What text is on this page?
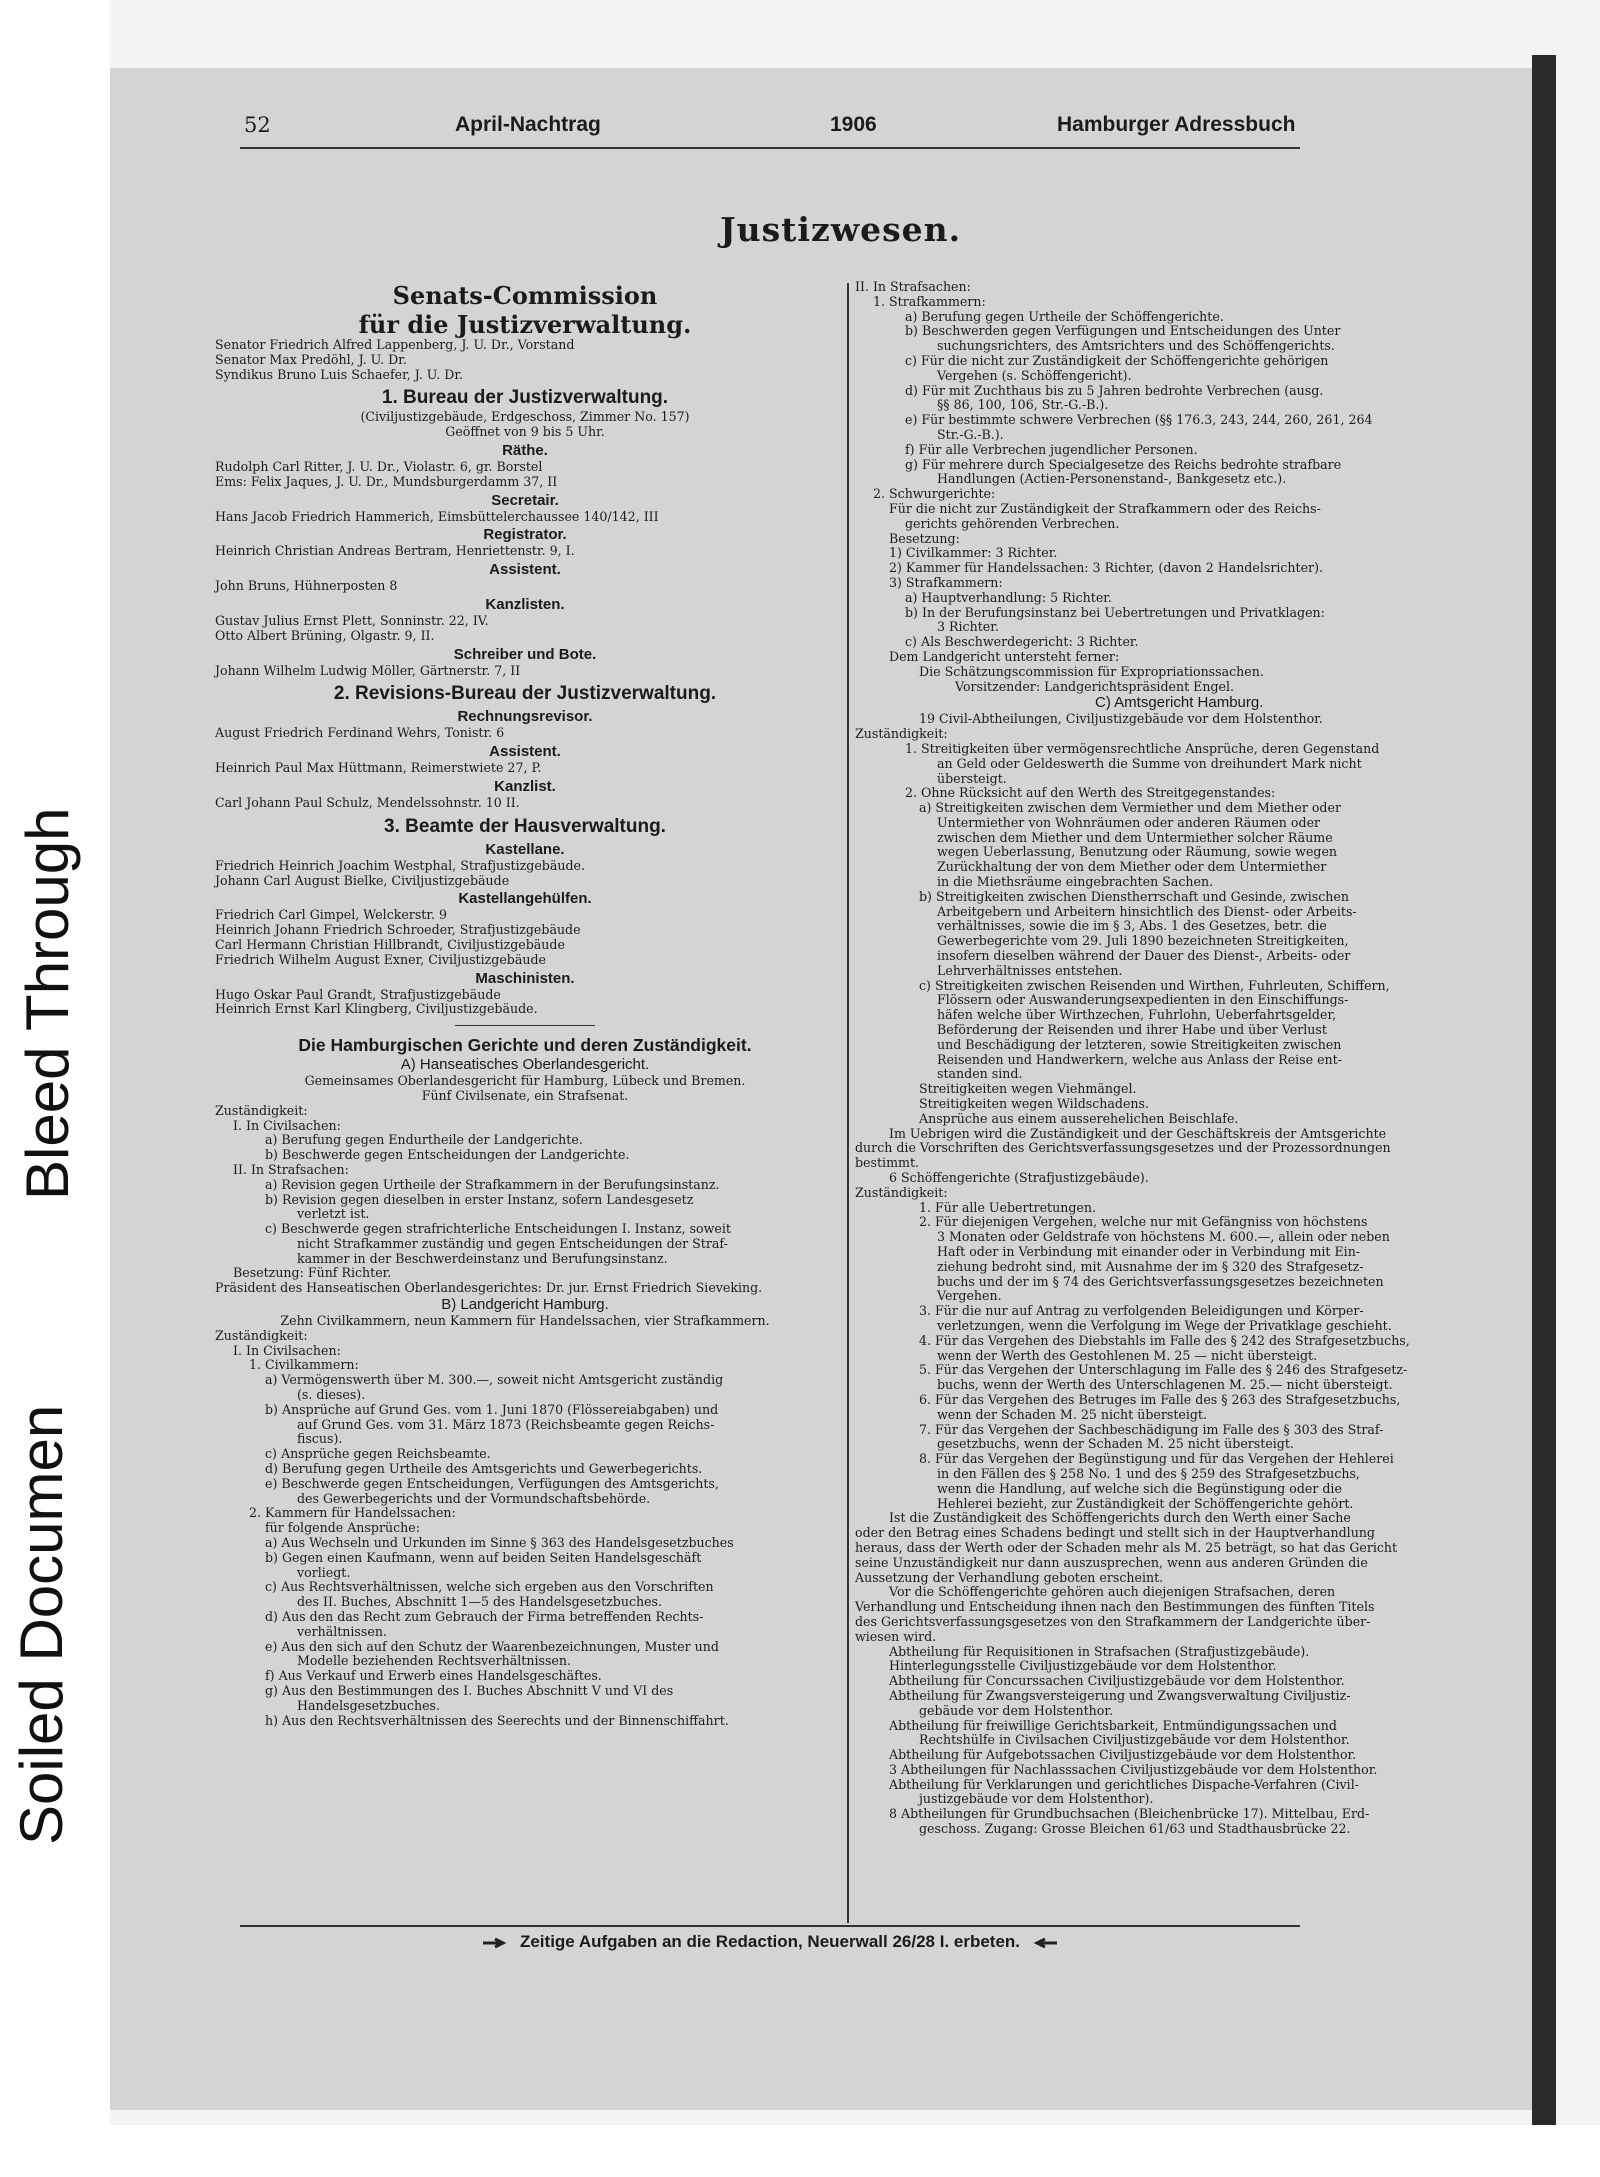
Bleed Through
Soiled Documen
52	April-Nachtrag	1906	Hamburger Adressbuch
Justizwesen.
Senats-Commission
für die Justizverwaltung.
Senator Friedrich Alfred Lappenberg, J. U. Dr., Vorstand
Senator Max Predöhl, J. U. Dr.
Syndikus Bruno Luis Schaefer, J. U. Dr.
1. Bureau der Justizverwaltung.
(Civiljustizgebäude, Erdgeschoss, Zimmer No. 157)
Geöffnet von 9 bis 5 Uhr.
Räthe.
Rudolph Carl Ritter, J. U. Dr., Violastr. 6, gr. Borstel
Ems: Felix Jaques, J. U. Dr., Mundsburgerdamm 37, II
Secretair.
Hans Jacob Friedrich Hammerich, Eimsbüttelerchaussee 140/142, III
Registrator.
Heinrich Christian Andreas Bertram, Henriettenstr. 9, I.
Assistent.
John Bruns, Hühnerposten 8
Kanzlisten.
Gustav Julius Ernst Plett, Sonninstr. 22, IV.
Otto Albert Brüning, Olgastr. 9, II.
Schreiber und Bote.
Johann Wilhelm Ludwig Möller, Gärtnerstr. 7, II
2. Revisions-Bureau der Justizverwaltung.
Rechnungsrevisor.
August Friedrich Ferdinand Wehrs, Tonistr. 6
Assistent.
Heinrich Paul Max Hüttmann, Reimerstwiete 27, P.
Kanzlist.
Carl Johann Paul Schulz, Mendelssohnstr. 10 II.
3. Beamte der Hausverwaltung.
Kastellane.
Friedrich Heinrich Joachim Westphal, Strafjustizgebäude.
Johann Carl August Bielke, Civiljustizgebäude
Kastellangehülfen.
Friedrich Carl Gimpel, Welckerstr. 9
Heinrich Johann Friedrich Schroeder, Strafjustizgebäude
Carl Hermann Christian Hillbrandt, Civiljustizgebäude
Friedrich Wilhelm August Exner, Civiljustizgebäude
Maschinisten.
Hugo Oskar Paul Grandt, Strafjustizgebäude
Heinrich Ernst Karl Klingberg, Civiljustizgebäude.
Die Hamburgischen Gerichte und deren Zuständigkeit.
A) Hanseatisches Oberlandesgericht.
Gemeinsames Oberlandesgericht für Hamburg, Lübeck und Bremen.
Fünf Civilsenate, ein Strafsenat.
Zuständigkeit:
I. In Civilsachen:
a) Berufung gegen Endurtheile der Landgerichte.
b) Beschwerde gegen Entscheidungen der Landgerichte.
II. In Strafsachen:
a) Revision gegen Urtheile der Strafkammern in der Berufungsinstanz.
b) Revision gegen dieselben in erster Instanz, sofern Landesgesetz
verletzt ist.
c) Beschwerde gegen strafrichterliche Entscheidungen I. Instanz, soweit
nicht Strafkammer zuständig und gegen Entscheidungen der Straf-
kammer in der Beschwerdeinstanz und Berufungsinstanz.
Besetzung: Fünf Richter.
Präsident des Hanseatischen Oberlandesgerichtes: Dr. jur. Ernst Friedrich Sieveking.
B) Landgericht Hamburg.
Zehn Civilkammern, neun Kammern für Handelssachen, vier Strafkammern.
Zuständigkeit:
I. In Civilsachen:
1. Civilkammern:
a) Vermögenswerth über M. 300.—, soweit nicht Amtsgericht zuständig
(s. dieses).
b) Ansprüche auf Grund Ges. vom 1. Juni 1870 (Flössereiabgaben) und
auf Grund Ges. vom 31. März 1873 (Reichsbeamte gegen Reichs-
fiscus).
c) Ansprüche gegen Reichsbeamte.
d) Berufung gegen Urtheile des Amtsgerichts und Gewerbegerichts.
e) Beschwerde gegen Entscheidungen, Verfügungen des Amtsgerichts,
des Gewerbegerichts und der Vormundschaftsbehörde.
2. Kammern für Handelssachen:
für folgende Ansprüche:
a) Aus Wechseln und Urkunden im Sinne § 363 des Handelsgesetzbuches
b) Gegen einen Kaufmann, wenn auf beiden Seiten Handelsgeschäft
vorliegt.
c) Aus Rechtsverhältnissen, welche sich ergeben aus den Vorschriften
des II. Buches, Abschnitt 1—5 des Handelsgesetzbuches.
d) Aus den das Recht zum Gebrauch der Firma betreffenden Rechts-
verhältnissen.
e) Aus den sich auf den Schutz der Waarenbezeichnungen, Muster und
Modelle beziehenden Rechtsverhältnissen.
f) Aus Verkauf und Erwerb eines Handelsgeschäftes.
g) Aus den Bestimmungen des I. Buches Abschnitt V und VI des
Handelsgesetzbuches.
h) Aus den Rechtsverhältnissen des Seerechts und der Binnenschiffahrt.
II. In Strafsachen:
1. Strafkammern:
a) Berufung gegen Urtheile der Schöffengerichte.
b) Beschwerden gegen Verfügungen und Entscheidungen des Unter
suchungsrichters, des Amtsrichters und des Schöffengerichts.
c) Für die nicht zur Zuständigkeit der Schöffengerichte gehörigen
Vergehen (s. Schöffengericht).
d) Für mit Zuchthaus bis zu 5 Jahren bedrohte Verbrechen (ausg.
§§ 86, 100, 106, Str.-G.-B.).
e) Für bestimmte schwere Verbrechen (§§ 176.3, 243, 244, 260, 261, 264
Str.-G.-B.).
f) Für alle Verbrechen jugendlicher Personen.
g) Für mehrere durch Specialgesetze des Reichs bedrohte strafbare
Handlungen (Actien-Personenstand-, Bankgesetz etc.).
2. Schwurgerichte:
Für die nicht zur Zuständigkeit der Strafkammern oder des Reichs-
gerichts gehörenden Verbrechen.
Besetzung:
1) Civilkammer: 3 Richter.
2) Kammer für Handelssachen: 3 Richter, (davon 2 Handelsrichter).
3) Strafkammern:
a) Hauptverhandlung: 5 Richter.
b) In der Berufungsinstanz bei Uebertretungen und Privatklagen:
3 Richter.
c) Als Beschwerdegericht: 3 Richter.
Dem Landgericht untersteht ferner:
Die Schätzungscommission für Expropriationssachen.
Vorsitzender: Landgerichtspräsident Engel.
C) Amtsgericht Hamburg.
19 Civil-Abtheilungen, Civiljustizgebäude vor dem Holstenthor.
Zuständigkeit:
1. Streitigkeiten über vermögensrechtliche Ansprüche, deren Gegenstand
an Geld oder Geldeswerth die Summe von dreihundert Mark nicht
übersteigt.
2. Ohne Rücksicht auf den Werth des Streitgegenstandes:
a) Streitigkeiten zwischen dem Vermiether und dem Miether oder
Untermiether von Wohnräumen oder anderen Räumen oder
zwischen dem Miether und dem Untermiether solcher Räume
wegen Ueberlassung, Benutzung oder Räumung, sowie wegen
Zurückhaltung der von dem Miether oder dem Untermiether
in die Miethsräume eingebrachten Sachen.
b) Streitigkeiten zwischen Dienstherrschaft und Gesinde, zwischen
Arbeitgebern und Arbeitern hinsichtlich des Dienst- oder Arbeits-
verhältnisses, sowie die im § 3, Abs. 1 des Gesetzes, betr. die
Gewerbegerichte vom 29. Juli 1890 bezeichneten Streitigkeiten,
insofern dieselben während der Dauer des Dienst-, Arbeits- oder
Lehrverhältnisses entstehen.
c) Streitigkeiten zwischen Reisenden und Wirthen, Fuhrleuten, Schiffern,
Flössern oder Auswanderungsexpedienten in den Einschiffungs-
häfen welche über Wirthzechen, Fuhrlohn, Ueberfahrtsgelder,
Beförderung der Reisenden und ihrer Habe und über Verlust
und Beschädigung der letzteren, sowie Streitigkeiten zwischen
Reisenden und Handwerkern, welche aus Anlass der Reise ent-
standen sind.
Streitigkeiten wegen Viehmängel.
Streitigkeiten wegen Wildschadens.
Ansprüche aus einem ausserehelichen Beischlafe.
Im Uebrigen wird die Zuständigkeit und der Geschäftskreis der Amtsgerichte
durch die Vorschriften des Gerichtsverfassungsgesetzes und der Prozessordnungen
bestimmt.
6 Schöffengerichte (Strafjustizgebäude).
Zuständigkeit:
1. Für alle Uebertretungen.
2. Für diejenigen Vergehen, welche nur mit Gefängniss von höchstens
3 Monaten oder Geldstrafe von höchstens M. 600.—, allein oder neben
Haft oder in Verbindung mit einander oder in Verbindung mit Ein-
ziehung bedroht sind, mit Ausnahme der im § 320 des Strafgesetz-
buchs und der im § 74 des Gerichtsverfassungsgesetzes bezeichneten
Vergehen.
3. Für die nur auf Antrag zu verfolgenden Beleidigungen und Körper-
verletzungen, wenn die Verfolgung im Wege der Privatklage geschieht.
4. Für das Vergehen des Diebstahls im Falle des § 242 des Strafgesetzbuchs,
wenn der Werth des Gestohlenen M. 25 — nicht übersteigt.
5. Für das Vergehen der Unterschlagung im Falle des § 246 des Strafgesetz-
buchs, wenn der Werth des Unterschlagenen M. 25.— nicht übersteigt.
6. Für das Vergehen des Betruges im Falle des § 263 des Strafgesetzbuchs,
wenn der Schaden M. 25 nicht übersteigt.
7. Für das Vergehen der Sachbeschädigung im Falle des § 303 des Straf-
gesetzbuchs, wenn der Schaden M. 25 nicht übersteigt.
8. Für das Vergehen der Begünstigung und für das Vergehen der Hehlerei
in den Fällen des § 258 No. 1 und des § 259 des Strafgesetzbuchs,
wenn die Handlung, auf welche sich die Begünstigung oder die
Hehlerei bezieht, zur Zuständigkeit der Schöffengerichte gehört.
Ist die Zuständigkeit des Schöffengerichts durch den Werth einer Sache
oder den Betrag eines Schadens bedingt und stellt sich in der Hauptverhandlung
heraus, dass der Werth oder der Schaden mehr als M. 25 beträgt, so hat das Gericht
seine Unzuständigkeit nur dann auszusprechen, wenn aus anderen Gründen die
Aussetzung der Verhandlung geboten erscheint.
Vor die Schöffengerichte gehören auch diejenigen Strafsachen, deren
Verhandlung und Entscheidung ihnen nach den Bestimmungen des fünften Titels
des Gerichtsverfassungsgesetzes von den Strafkammern der Landgerichte über-
wiesen wird.
Abtheilung für Requisitionen in Strafsachen (Strafjustizgebäude).
Hinterlegungsstelle Civiljustizgebäude vor dem Holstenthor.
Abtheilung für Concurssachen Civiljustizgebäude vor dem Holstenthor.
Abtheilung für Zwangsversteigerung und Zwangsverwaltung Civiljustiz-
gebäude vor dem Holstenthor.
Abtheilung für freiwillige Gerichtsbarkeit, Entmündigungssachen und
Rechtshülfe in Civilsachen Civiljustizgebäude vor dem Holstenthor.
Abtheilung für Aufgebotssachen Civiljustizgebäude vor dem Holstenthor.
3 Abtheilungen für Nachlasssachen Civiljustizgebäude vor dem Holstenthor.
Abtheilung für Verklarungen und gerichtliches Dispache-Verfahren (Civil-
justizgebäude vor dem Holstenthor).
8 Abtheilungen für Grundbuchsachen (Bleichenbrücke 17). Mittelbau, Erd-
geschoss. Zugang: Grosse Bleichen 61/63 und Stadthausbrücke 22.
Zeitige Aufgaben an die Redaction, Neuerwall 26/28 I. erbeten.
